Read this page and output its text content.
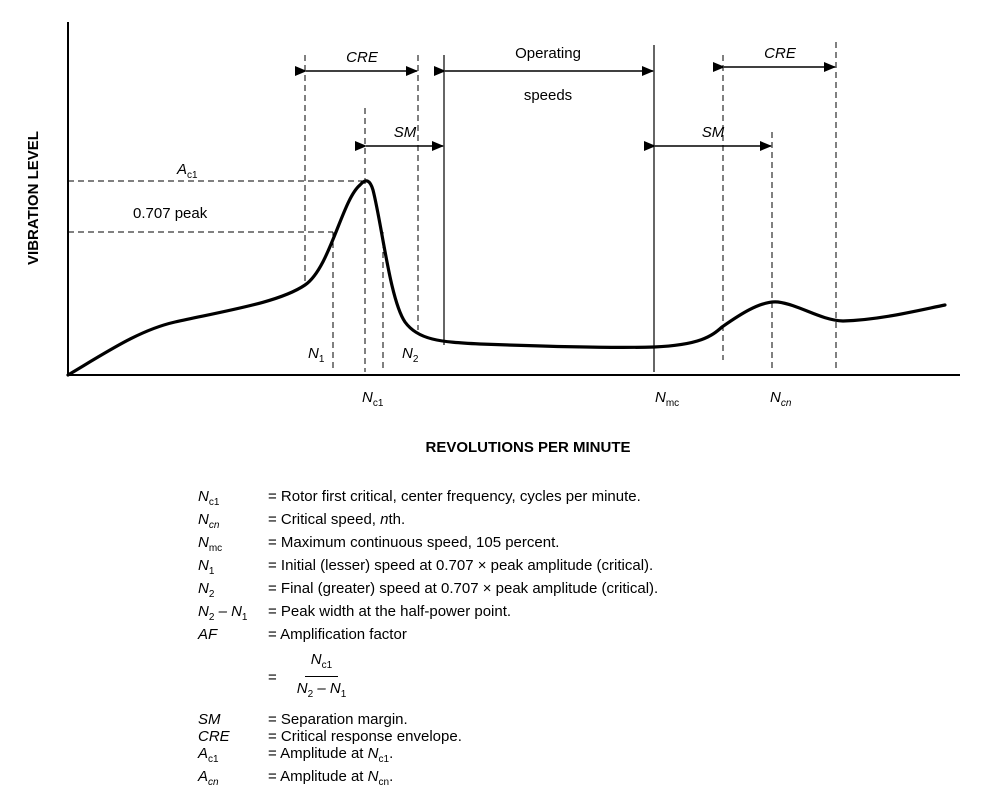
VIBRATION LEVEL
REVOLUTIONS PER MINUTE
CRE	CRE
Operating
speeds
SM	SM
0.707 peak
$A_{c1}$
$N_1$	$N_2$
$N_{c1}$	$N_{mc}$	$N_{cn}$
$N_{c1}$	= Rotor first critical, center frequency, cycles per minute.
$N_{cn}$	= Critical speed, nth.
$N_{mc}$	= Maximum continuous speed, 105 percent.
$N_1$	= Initial (lesser) speed at 0.707 × peak amplitude (critical).
$N_2$	= Final (greater) speed at 0.707 × peak amplitude (critical).
$N_2 - N_1$	= Peak width at the half-power point.
AF	= Amplification factor
= $\frac{N_{c1}}{N_2 - N_1}$
SM	= Separation margin.
CRE	= Critical response envelope.
$A_{c1}$	= Amplitude at $N_{c1}$.
$A_{cn}$	= Amplitude at $N_{cn}$.
